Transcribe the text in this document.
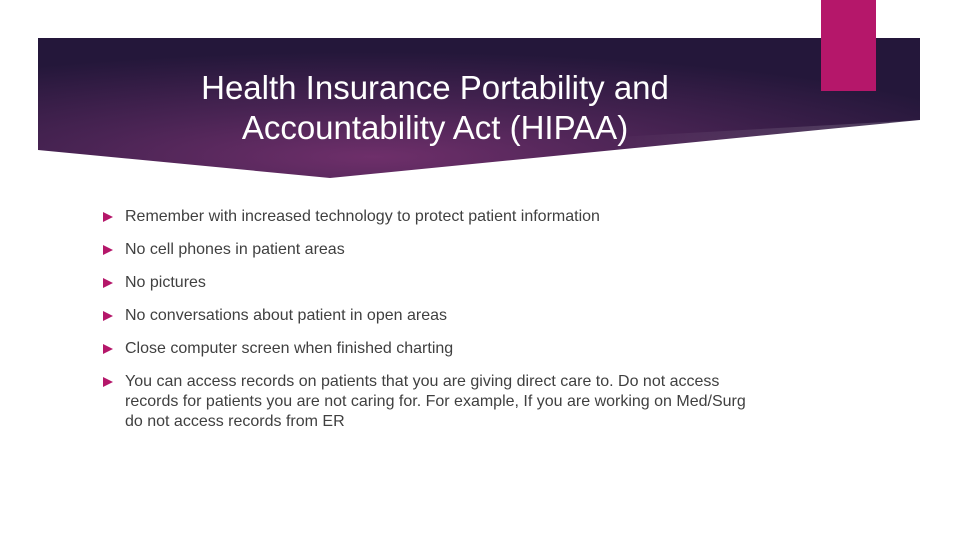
Health Insurance Portability and Accountability Act (HIPAA)
Remember with increased technology to protect patient information
No cell phones in patient areas
No pictures
No conversations about patient in open areas
Close computer screen when finished charting
You can access records on patients that you are giving direct care to. Do not access records for patients you are not caring for. For example, If you are working on Med/Surg do not access records from ER
